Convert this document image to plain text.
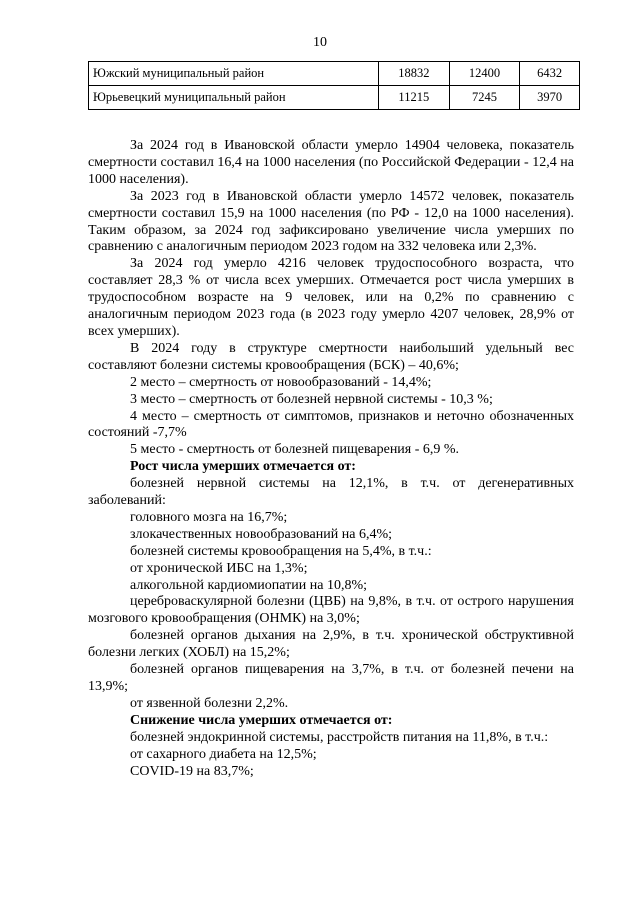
10
Южский муниципальный район	18832	12400	6432
Юрьевецкий муниципальный район	11215	7245	3970

За 2024 год в Ивановской области умерло 14904 человека, показатель смертности составил 16,4 на 1000 населения (по Российской Федерации - 12,4 на 1000 населения).

За 2023 год в Ивановской области умерло 14572 человек, показатель смертности составил 15,9 на 1000 населения (по РФ - 12,0 на 1000 населения). Таким образом, за 2024 год зафиксировано увеличение числа умерших по сравнению с аналогичным периодом 2023 годом на 332 человека или 2,3%.

За 2024 год умерло 4216 человек трудоспособного возраста, что составляет 28,3 % от числа всех умерших. Отмечается рост числа умерших в трудоспособном возрасте на 9 человек, или на 0,2% по сравнению с аналогичным периодом 2023 года (в 2023 году умерло 4207 человек, 28,9% от всех умерших).

В 2024 году в структуре смертности наибольший удельный вес составляют болезни системы кровообращения (БСК) – 40,6%;

2 место – смертность от новообразований - 14,4%;

3 место – смертность от болезней нервной системы - 10,3 %;

4 место – смертность от симптомов, признаков и неточно обозначенных состояний -7,7%

5 место - смертность от болезней пищеварения - 6,9 %.

Рост числа умерших отмечается от:

болезней нервной системы на 12,1%, в т.ч. от дегенеративных заболеваний:

головного мозга на 16,7%;

злокачественных новообразований на 6,4%;

болезней системы кровообращения на 5,4%, в т.ч.:

от хронической ИБС на 1,3%;

алкогольной кардиомиопатии на 10,8%;

цереброваскулярной болезни (ЦВБ) на 9,8%, в т.ч. от острого нарушения мозгового кровообращения (ОНМК) на 3,0%;

болезней органов дыхания на 2,9%, в т.ч. хронической обструктивной болезни легких (ХОБЛ) на 15,2%;

болезней органов пищеварения на 3,7%, в т.ч. от болезней печени на 13,9%;

от язвенной болезни 2,2%.

Снижение числа умерших отмечается от:

болезней эндокринной системы, расстройств питания на 11,8%, в т.ч.:

от сахарного диабета на 12,5%;

COVID-19 на 83,7%;
